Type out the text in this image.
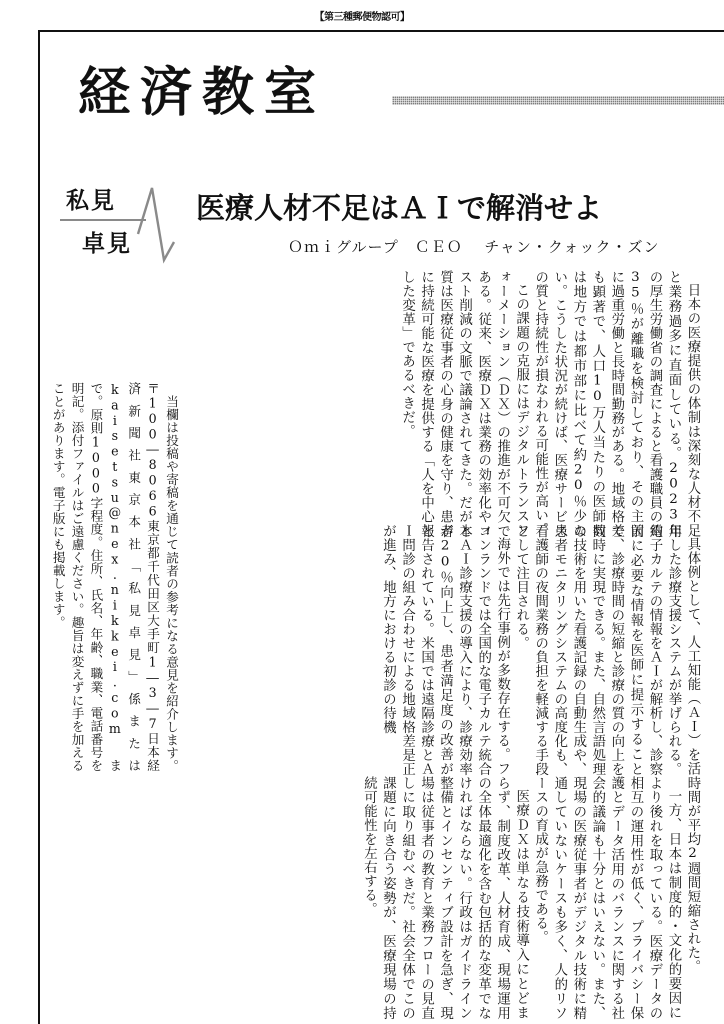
【第三種郵便物認可】
経済教室
私見
卓見
医療人材不足はＡＩで解消せよ
Ｏｍｉグループ　ＣＥＯ チャン・クォック・ズン

日本の医療提供の体制は深刻な人材不足と業務過多に直面している。2023年の厚生労働省の調査によると看護職員の約35％が離職を検討しており、その主因に過重労働と長時間勤務がある。地域格差も顕著で、人口10万人当たりの医師数は地方では都市部に比べて約20％少ない。こうした状況が続けば、医療サービスの質と持続性が損なわれる可能性が高い。

この課題の克服にはデジタルトランスフォーメーション（ＤＸ）の推進が不可欠である。従来、医療ＤＸは業務の効率化やコスト削減の文脈で議論されてきた。だが本質は医療従事者の心身の健康を守り、患者に持続可能な医療を提供する「人を中心とした変革」であるべきだ。

具体例として、人工知能（ＡＩ）を活用した診療支援システムが挙げられる。電子カルテの情報をＡＩが解析し、診察前に必要な情報を医師に提示することで、診療時間の短縮と診療の質の向上を同時に実現できる。また、自然言語処理の技術を用いた看護記録の自動生成や、患者モニタリングシステムの高度化も、看護師の夜間業務の負担を軽減する手段として注目される。

海外では先行事例が多数存在する。フィンランドでは全国的な電子カルテ統合とＡＩ診療支援の導入により、診療効率が20％向上し、患者満足度の改善が報告されている。米国では遠隔診療とＡＩ問診の組み合わせによる地域格差是正が進み、地方における初診の待機

時間が平均2週間短縮された。

一方、日本は制度的・文化的要因により後れを取っている。医療データの相互の運用性が低く、プライバシー保護とデータ活用のバランスに関する社会的議論も十分とはいえない。また、現場の医療従事者がデジタル技術に精通していないケースも多く、人的リソースの育成が急務である。

医療ＤＸは単なる技術導入にとどまらず、制度改革、人材育成、現場運用の全体最適化を含む包括的な変革でなければならない。行政はガイドライン整備とインセンティブ設計を急ぎ、現場は従事者の教育と業務フローの見直しに取り組むべきだ。社会全体でこの課題に向き合う姿勢が、医療現場の持続可能性を左右する。

当欄は投稿や寄稿を通じて読者の参考になる意見を紹介します。〒100―8066東京都千代田区大手町1―3―7日本経済新聞社東京本社「私見卓見」係またはkaisetsu@nex.nikkei.comまで。原則1000字程度。住所、氏名、年齢、職業、電話番号を明記。添付ファイルはご遠慮ください。趣旨は変えずに手を加えることがあります。電子版にも掲載します。
